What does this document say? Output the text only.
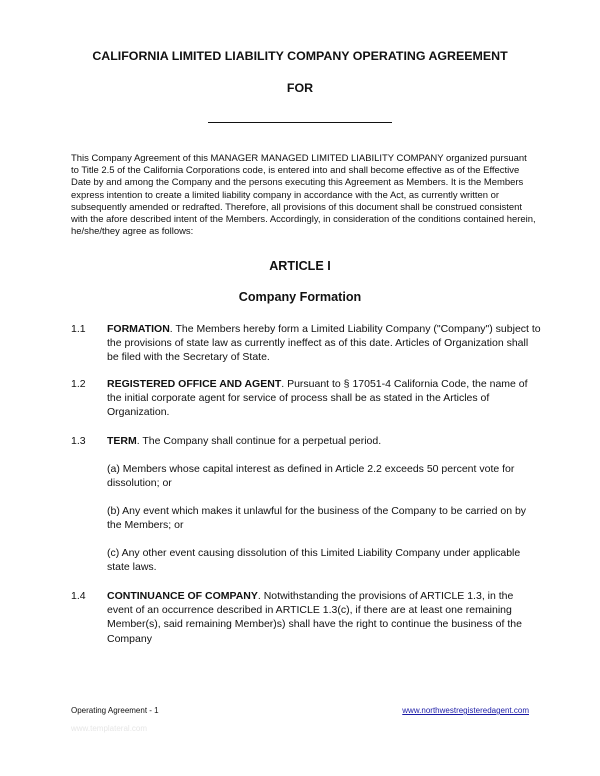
CALIFORNIA LIMITED LIABILITY COMPANY OPERATING AGREEMENT
FOR
This Company Agreement of this MANAGER MANAGED LIMITED LIABILITY COMPANY organized pursuant to Title 2.5 of the California Corporations code, is entered into and shall become effective as of the Effective Date by and among the Company and the persons executing this Agreement as Members. It is the Members express intention to create a limited liability company in accordance with the Act, as currently written or subsequently amended or redrafted. Therefore, all provisions of this document shall be construed consistent with the afore described intent of the Members. Accordingly, in consideration of the conditions contained herein, he/she/they agree as follows:
ARTICLE I
Company Formation
1.1 FORMATION. The Members hereby form a Limited Liability Company ("Company") subject to the provisions of state law as currently ineffect as of this date. Articles of Organization shall be filed with the Secretary of State.
1.2 REGISTERED OFFICE AND AGENT. Pursuant to § 17051-4 California Code, the name of the initial corporate agent for service of process shall be as stated in the Articles of Organization.
1.3 TERM. The Company shall continue for a perpetual period.
(a) Members whose capital interest as defined in Article 2.2 exceeds 50 percent vote for dissolution; or
(b) Any event which makes it unlawful for the business of the Company to be carried on by the Members; or
(c) Any other event causing dissolution of this Limited Liability Company under applicable state laws.
1.4 CONTINUANCE OF COMPANY. Notwithstanding the provisions of ARTICLE 1.3, in the event of an occurrence described in ARTICLE 1.3(c), if there are at least one remaining Member(s), said remaining Member)s) shall have the right to continue the business of the Company
Operating Agreement - 1	www.northwestregisteredagent.com
www.templateral.com
